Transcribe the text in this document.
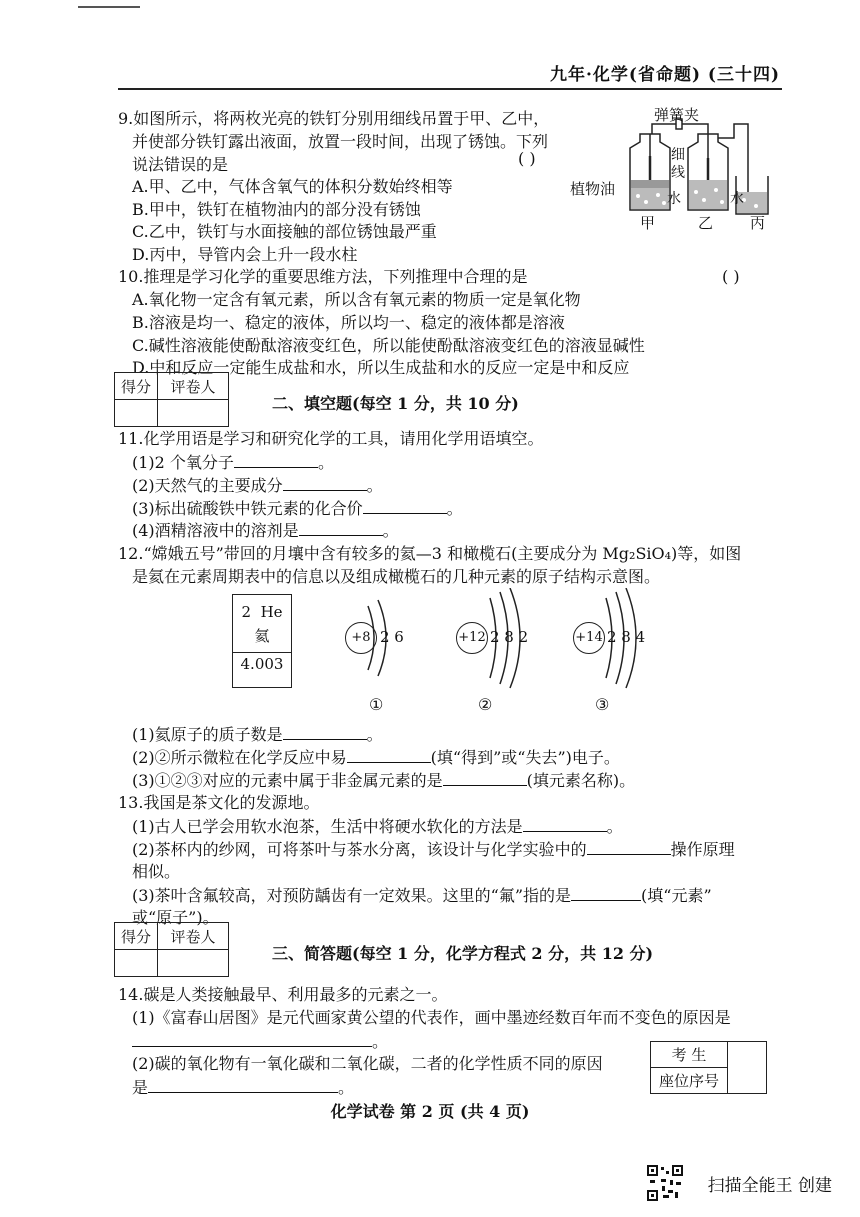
九年·化学(省命题) (三十四)
9.如图所示，将两枚光亮的铁钉分别用细线吊置于甲、乙中，
并使部分铁钉露出液面，放置一段时间，出现了锈蚀。下列
说法错误的是	( )
A.甲、乙中，气体含氧气的体积分数始终相等
B.甲中，铁钉在植物油内的部分没有锈蚀
C.乙中，铁钉与水面接触的部位锈蚀最严重
D.丙中，导管内会上升一段水柱
弹簧夹
细
线
植物油
水	水
甲	乙 丙
10.推理是学习化学的重要思维方法，下列推理中合理的是	( )
A.氧化物一定含有氧元素，所以含有氧元素的物质一定是氧化物
B.溶液是均一、稳定的液体，所以均一、稳定的液体都是溶液
C.碱性溶液能使酚酞溶液变红色，所以能使酚酞溶液变红色的溶液显碱性
D.中和反应一定能生成盐和水，所以生成盐和水的反应一定是中和反应
得分	评卷人

二、填空题(每空 1 分，共 10 分)
11.化学用语是学习和研究化学的工具，请用化学用语填空。
(1)2 个氧分子	。
(2)天然气的主要成分	。
(3)标出硫酸铁中铁元素的化合价	。
(4)酒精溶液中的溶剂是	。
12.“嫦娥五号”带回的月壤中含有较多的氦—3 和橄榄石(主要成分为 Mg₂SiO₄)等，如图
是氦在元素周期表中的信息以及组成橄榄石的几种元素的原子结构示意图。
2 He
氦
4.003
+8 2 6	+12 2 8 2	+14 2 8 4
①	②	③
(1)氦原子的质子数是	。
(2)②所示微粒在化学反应中易	(填“得到”或“失去”)电子。
(3)①②③对应的元素中属于非金属元素的是	(填元素名称)。
13.我国是茶文化的发源地。
(1)古人已学会用软水泡茶，生活中将硬水软化的方法是	。
(2)茶杯内的纱网，可将茶叶与茶水分离，该设计与化学实验中的	操作原理
相似。
(3)茶叶含氟较高，对预防龋齿有一定效果。这里的“氟”指的是	(填“元素”
或“原子”)。
得分	评卷人

三、简答题(每空 1 分，化学方程式 2 分，共 12 分)
14.碳是人类接触最早、利用最多的元素之一。
(1)《富春山居图》是元代画家黄公望的代表作，画中墨迹经数百年而不变色的原因是
。
(2)碳的氧化物有一氧化碳和二氧化碳，二者的化学性质不同的原因
是	。
考 生	
座位序号
化学试卷 第 2 页 (共 4 页)
扫描全能王 创建
